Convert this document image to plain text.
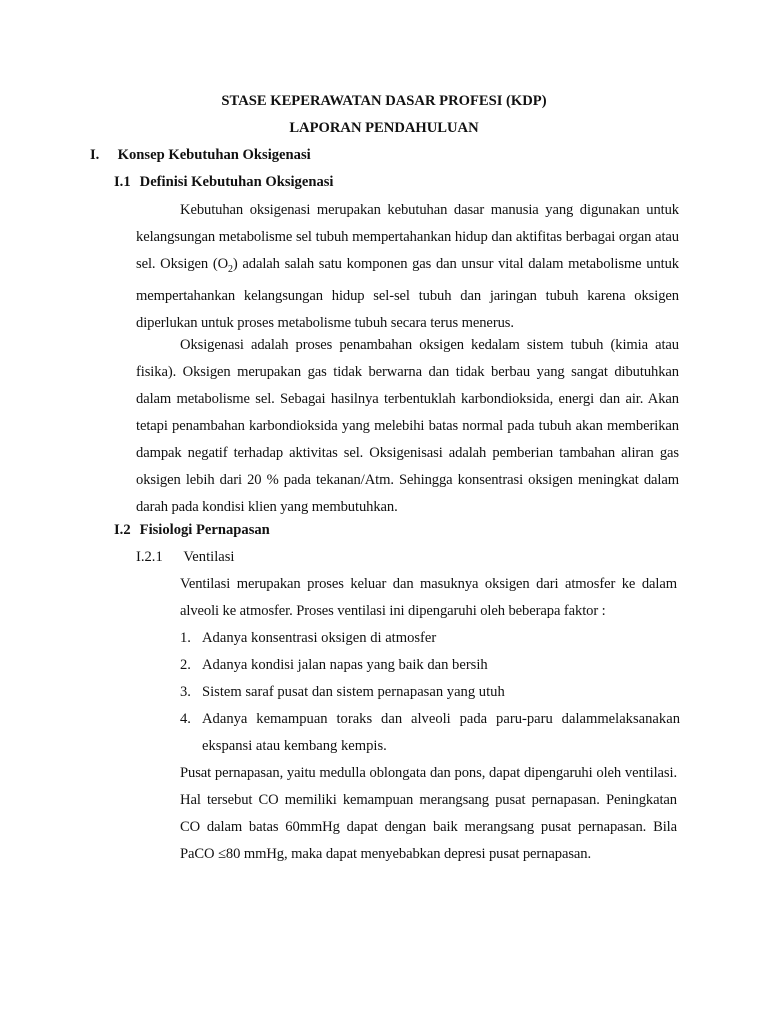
STASE KEPERAWATAN DASAR PROFESI (KDP)
LAPORAN PENDAHULUAN
I. Konsep Kebutuhan Oksigenasi
I.1 Definisi Kebutuhan Oksigenasi

Kebutuhan oksigenasi merupakan kebutuhan dasar manusia yang digunakan untuk kelangsungan metabolisme sel tubuh mempertahankan hidup dan aktifitas berbagai organ atau sel. Oksigen $(O_2)$ adalah salah satu komponen gas dan unsur vital dalam metabolisme untuk mempertahankan kelangsungan hidup sel-sel tubuh dan jaringan tubuh karena oksigen diperlukan untuk proses metabolisme tubuh secara terus menerus.

Oksigenasi adalah proses penambahan oksigen kedalam sistem tubuh (kimia atau fisika). Oksigen merupakan gas tidak berwarna dan tidak berbau yang sangat dibutuhkan dalam metabolisme sel. Sebagai hasilnya terbentuklah karbondioksida, energi dan air. Akan tetapi penambahan karbondioksida yang melebihi batas normal pada tubuh akan memberikan dampak negatif terhadap aktivitas sel. Oksigenisasi adalah pemberian tambahan aliran gas oksigen lebih dari 20 % pada tekanan/Atm. Sehingga konsentrasi oksigen meningkat dalam darah pada kondisi klien yang membutuhkan.

I.2 Fisiologi Pernapasan
I.2.1 Ventilasi

Ventilasi merupakan proses keluar dan masuknya oksigen dari atmosfer ke dalam alveoli ke atmosfer. Proses ventilasi ini dipengaruhi oleh beberapa faktor :

1. Adanya konsentrasi oksigen di atmosfer
2. Adanya kondisi jalan napas yang baik dan bersih
3. Sistem saraf pusat dan sistem pernapasan yang utuh
4. Adanya kemampuan toraks dan alveoli pada paru-paru dalammelaksanakan ekspansi atau kembang kempis.

Pusat pernapasan, yaitu medulla oblongata dan pons, dapat dipengaruhi oleh ventilasi. Hal tersebut CO memiliki kemampuan merangsang pusat pernapasan. Peningkatan CO dalam batas 60mmHg dapat dengan baik merangsang pusat pernapasan. Bila PaCO ≤80 mmHg, maka dapat menyebabkan depresi pusat pernapasan.
